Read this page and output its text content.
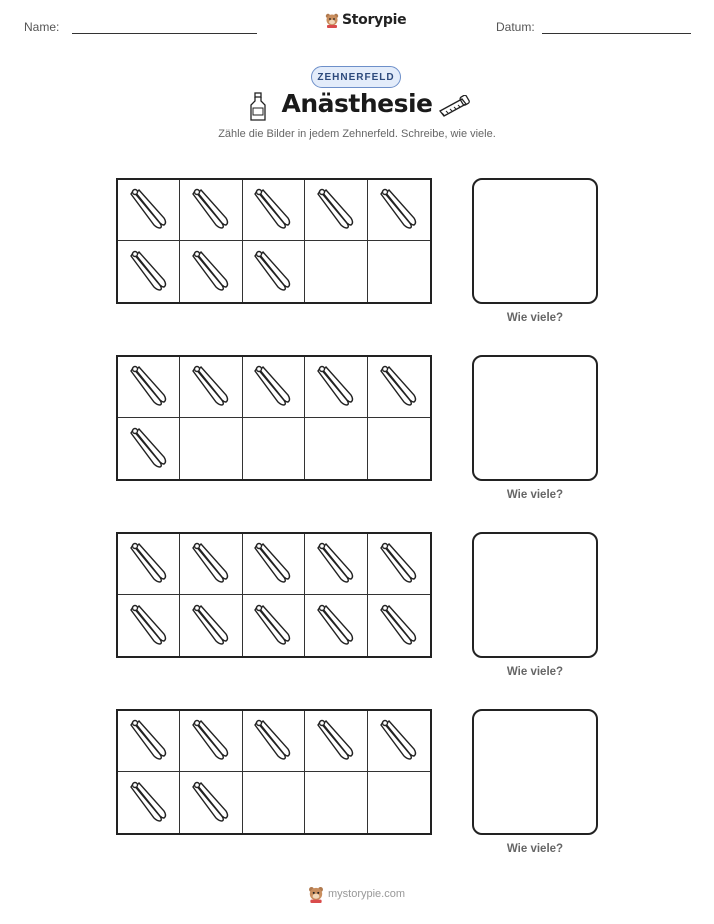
Name:	Storypie	Datum:
ZEHNERFELD
Anästhesie
Zähle die Bilder in jedem Zehnerfeld. Schreibe, wie viele.
Wie viele?
Wie viele?
Wie viele?
Wie viele?
mystorypie.com
